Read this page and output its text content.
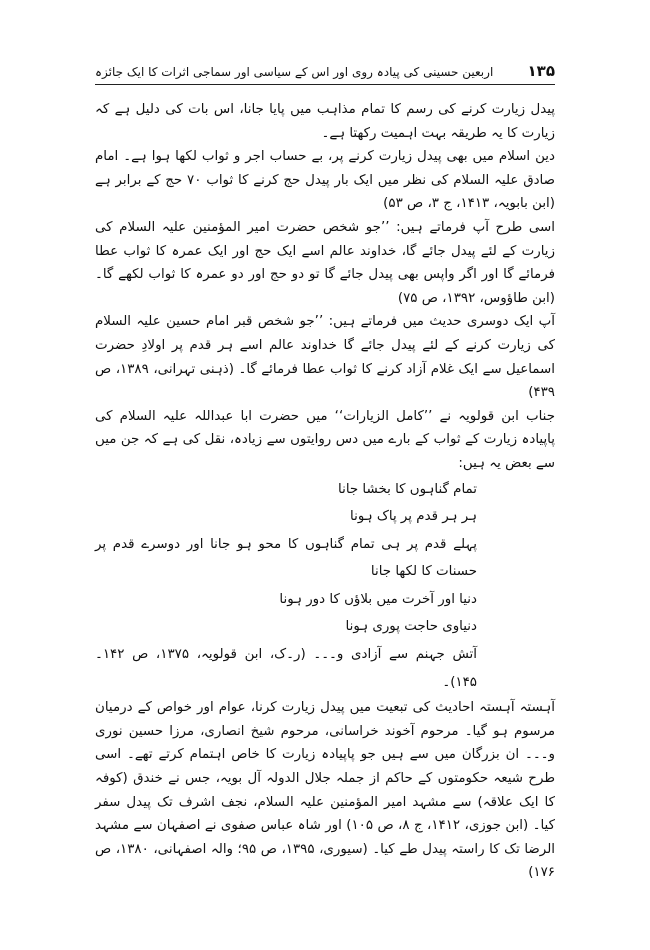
۱۳۵
اربعین حسینی کی پیادہ روی اور اس کے سیاسی اور سماجی اثرات کا ایک جائزہ

پیدل زیارت کرنے کی رسم کا تمام مذاہب میں پایا جانا، اس بات کی دلیل ہے کہ زیارت کا یہ طریقہ بہت اہمیت رکھتا ہے۔

دین اسلام میں بھی پیدل زیارت کرنے پر، بے حساب اجر و ثواب لکھا ہوا ہے۔ امام صادق علیہ السلام کی نظر میں ایک بار پیدل حج کرنے کا ثواب ۷۰ حج کے برابر ہے (ابن بابویہ، ۱۴۱۳، ج ۳، ص ۵۳)

اسی طرح آپ فرماتے ہیں: ’’جو شخص حضرت امیر المؤمنین علیہ السلام کی زیارت کے لئے پیدل جائے گا، خداوند عالم اسے ایک حج اور ایک عمرہ کا ثواب عطا فرمائے گا اور اگر واپس بھی پیدل جائے گا تو دو حج اور دو عمرہ کا ثواب لکھے گا۔ (ابن طاؤوس، ۱۳۹۲، ص ۷۵)

آپ ایک دوسری حدیث میں فرماتے ہیں: ’’جو شخص قبر امام حسین علیہ السلام کی زیارت کرنے کے لئے پیدل جائے گا خداوند عالم اسے ہر قدم پر اولادِ حضرت اسماعیل سے ایک غلام آزاد کرنے کا ثواب عطا فرمائے گا۔ (ذہنی تہرانی، ۱۳۸۹، ص ۴۳۹)

جناب ابن قولویہ نے ’’کامل الزیارات‘‘ میں حضرت ابا عبداللہ علیہ السلام کی پاپیادہ زیارت کے ثواب کے بارے میں دس روایتوں سے زیادہ، نقل کی ہے کہ جن میں سے بعض یہ ہیں:

تمام گناہوں کا بخشا جانا
ہر ہر قدم پر پاک ہونا
پہلے قدم پر ہی تمام گناہوں کا محو ہو جانا اور دوسرے قدم پر حسنات کا لکھا جانا
دنیا اور آخرت میں بلاؤں کا دور ہونا
دنیاوی حاجت پوری ہونا
آتش جہنم سے آزادی و۔۔۔ (ر۔ک، ابن قولویہ، ۱۳۷۵، ص ۱۴۲۔۱۴۵)۔

آہستہ آہستہ احادیث کی تبعیت میں پیدل زیارت کرنا، عوام اور خواص کے درمیان مرسوم ہو گیا۔ مرحوم آخوند خراسانی، مرحوم شیخ انصاری، مرزا حسین نوری و۔۔۔ ان بزرگان میں سے ہیں جو پاپیادہ زیارت کا خاص اہتمام کرتے تھے۔ اسی طرح شیعہ حکومتوں کے حاکم از جملہ جلال الدولہ آل بویہ، جس نے خندق (کوفہ کا ایک علاقہ) سے مشہد امیر المؤمنین علیہ السلام، نجف اشرف تک پیدل سفر کیا۔ (ابن جوزی، ۱۴۱۲، ج ۸، ص ۱۰۵) اور شاہ عباس صفوی نے اصفہان سے مشہد الرضا تک کا راستہ پیدل طے کیا۔ (سیوری، ۱۳۹۵، ص ۹۵؛ والہ اصفہانی، ۱۳۸۰، ص ۱۷۶)
